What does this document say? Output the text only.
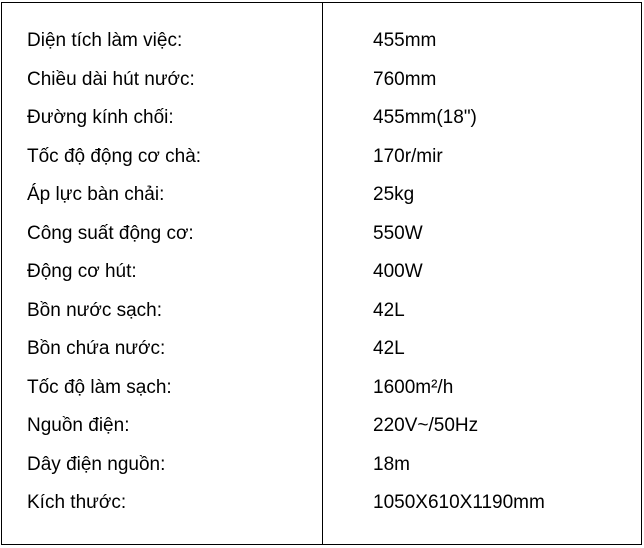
Diện tích làm việc:	455mm
Chiều dài hút nước:	760mm
Đường kính chối:	455mm(18")
Tốc độ động cơ chà:	170r/mir
Áp lực bàn chải:	25kg
Công suất động cơ:	550W
Động cơ hút:	400W
Bồn nước sạch:	42L
Bồn chứa nước:	42L
Tốc độ làm sạch:	1600m²/h
Nguồn điện:	220V~/50Hz
Dây điện nguồn:	18m
Kích thước:	1050X610X1190mm
